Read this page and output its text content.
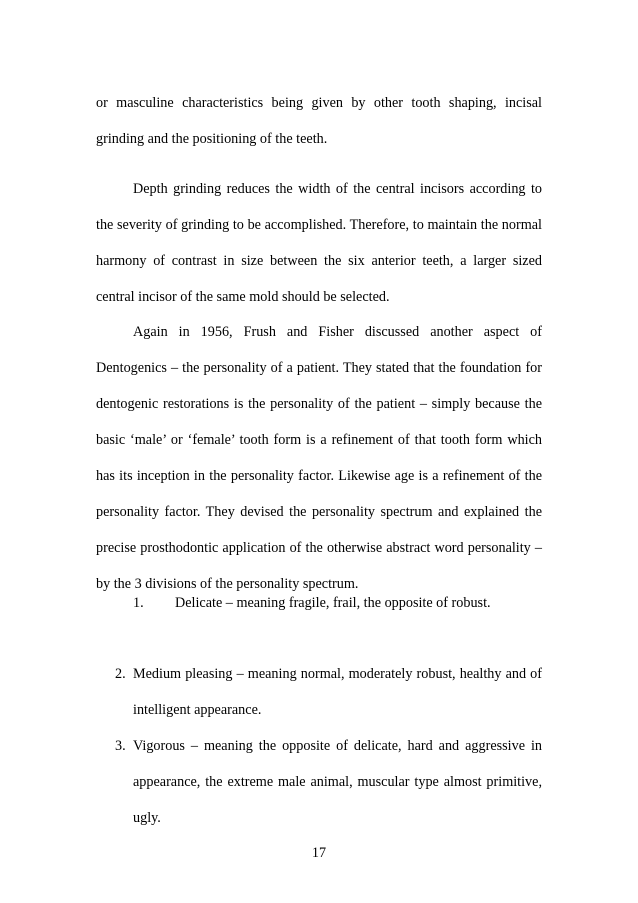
or masculine characteristics being given by other tooth shaping, incisal grinding and the positioning of the teeth.

Depth grinding reduces the width of the central incisors according to the severity of grinding to be accomplished. Therefore, to maintain the normal harmony of contrast in size between the six anterior teeth, a larger sized central incisor of the same mold should be selected.

Again in 1956, Frush and Fisher discussed another aspect of Dentogenics – the personality of a patient. They stated that the foundation for dentogenic restorations is the personality of the patient – simply because the basic ‘male’ or ‘female’ tooth form is a refinement of that tooth form which has its inception in the personality factor. Likewise age is a refinement of the personality factor. They devised the personality spectrum and explained the precise prosthodontic application of the otherwise abstract word personality – by the 3 divisions of the personality spectrum.

1. Delicate – meaning fragile, frail, the opposite of robust.
2. Medium pleasing – meaning normal, moderately robust, healthy and of intelligent appearance.
3. Vigorous – meaning the opposite of delicate, hard and aggressive in appearance, the extreme male animal, muscular type almost primitive, ugly.
17
